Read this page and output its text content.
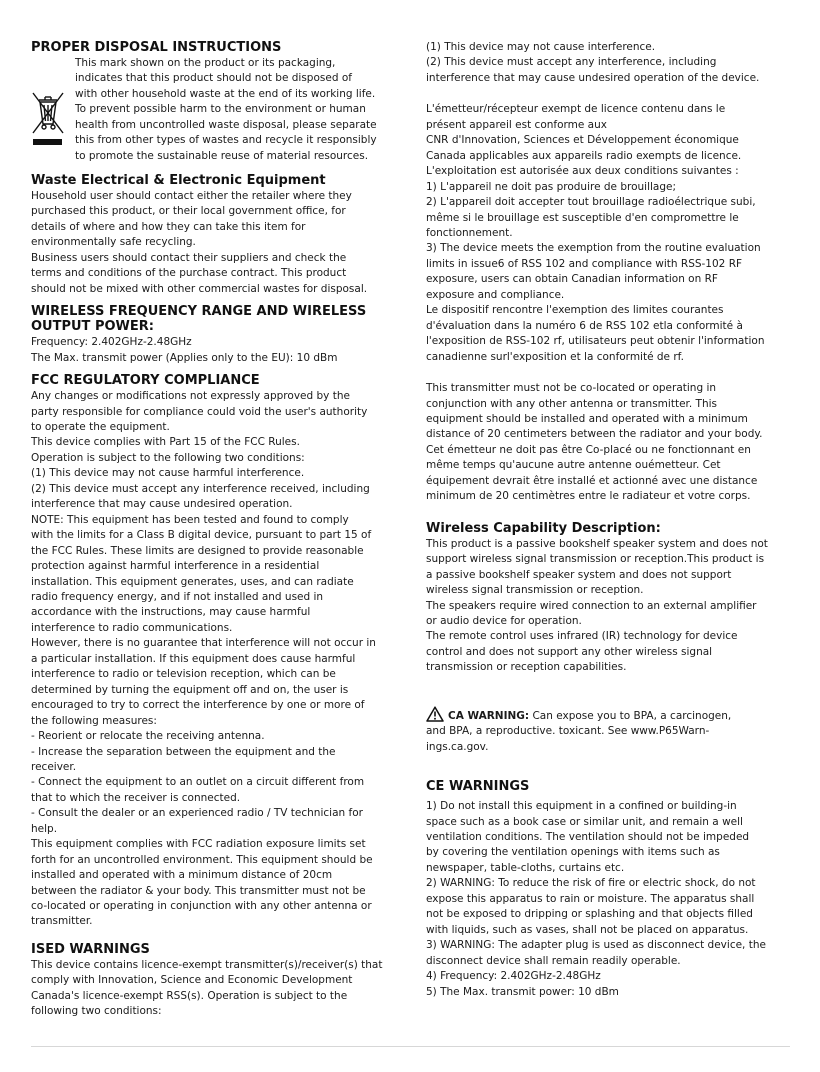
PROPER DISPOSAL INSTRUCTIONS

This mark shown on the product or its packaging,

indicates that this product should not be disposed of

with other household waste at the end of its working life.

To prevent possible harm to the environment or human

health from uncontrolled waste disposal, please separate

this from other types of wastes and recycle it responsibly

to promote the sustainable reuse of material resources.

Waste Electrical & Electronic Equipment

Household user should contact either the retailer where they

purchased this product, or their local government office, for

details of where and how they can take this item for

environmentally safe recycling.

Business users should contact their suppliers and check the

terms and conditions of the purchase contract. This product

should not be mixed with other commercial wastes for disposal.

WIRELESS FREQUENCY RANGE AND WIRELESS
OUTPUT POWER:

Frequency: 2.402GHz-2.48GHz

The Max. transmit power (Applies only to the EU): 10 dBm

FCC REGULATORY COMPLIANCE

Any changes or modifications not expressly approved by the

party responsible for compliance could void the user's authority

to operate the equipment.

This device complies with Part 15 of the FCC Rules.

Operation is subject to the following two conditions:

(1) This device may not cause harmful interference.

(2) This device must accept any interference received, including

interference that may cause undesired operation.

NOTE: This equipment has been tested and found to comply

with the limits for a Class B digital device, pursuant to part 15 of

the FCC Rules. These limits are designed to provide reasonable

protection against harmful interference in a residential

installation. This equipment generates, uses, and can radiate

radio frequency energy, and if not installed and used in

accordance with the instructions, may cause harmful

interference to radio communications.

However, there is no guarantee that interference will not occur in

a particular installation. If this equipment does cause harmful

interference to radio or television reception, which can be

determined by turning the equipment off and on, the user is

encouraged to try to correct the interference by one or more of

the following measures:

- Reorient or relocate the receiving antenna.

- Increase the separation between the equipment and the

receiver.

- Connect the equipment to an outlet on a circuit different from

that to which the receiver is connected.

- Consult the dealer or an experienced radio / TV technician for

help.

This equipment complies with FCC radiation exposure limits set

forth for an uncontrolled environment. This equipment should be

installed and operated with a minimum distance of 20cm

between the radiator & your body. This transmitter must not be

co-located or operating in conjunction with any other antenna or

transmitter.

ISED WARNINGS

This device contains licence-exempt transmitter(s)/receiver(s) that

comply with Innovation, Science and Economic Development

Canada's licence-exempt RSS(s). Operation is subject to the

following two conditions:

(1) This device may not cause interference.

(2) This device must accept any interference, including

interference that may cause undesired operation of the device.

L'émetteur/récepteur exempt de licence contenu dans le

présent appareil est conforme aux

CNR d'Innovation, Sciences et Développement économique

Canada applicables aux appareils radio exempts de licence.

L'exploitation est autorisée aux deux conditions suivantes :

1) L'appareil ne doit pas produire de brouillage;

2) L'appareil doit accepter tout brouillage radioélectrique subi,

même si le brouillage est susceptible d'en compromettre le

fonctionnement.

3) The device meets the exemption from the routine evaluation

limits in issue6 of RSS 102 and compliance with RSS-102 RF

exposure, users can obtain Canadian information on RF

exposure and compliance.

Le dispositif rencontre l'exemption des limites courantes

d'évaluation dans la numéro 6 de RSS 102 etla conformité à

l'exposition de RSS-102 rf, utilisateurs peut obtenir l'information

canadienne surl'exposition et la conformité de rf.

This transmitter must not be co-located or operating in

conjunction with any other antenna or transmitter. This

equipment should be installed and operated with a minimum

distance of 20 centimeters between the radiator and your body.

Cet émetteur ne doit pas être Co-placé ou ne fonctionnant en

même temps qu'aucune autre antenne ouémetteur. Cet

équipement devrait être installé et actionné avec une distance

minimum de 20 centimètres entre le radiateur et votre corps.

Wireless Capability Description:

This product is a passive bookshelf speaker system and does not

support wireless signal transmission or reception.This product is

a passive bookshelf speaker system and does not support

wireless signal transmission or reception.

The speakers require wired connection to an external amplifier

or audio device for operation.

The remote control uses infrared (IR) technology for device

control and does not support any other wireless signal

transmission or reception capabilities.

CA WARNING: Can expose you to BPA, a carcinogen,

and BPA, a reproductive. toxicant. See www.P65Warn-

ings.ca.gov.

CE WARNINGS

1) Do not install this equipment in a confined or building-in

space such as a book case or similar unit, and remain a well

ventilation conditions. The ventilation should not be impeded

by covering the ventilation openings with items such as

newspaper, table-cloths, curtains etc.

2) WARNING: To reduce the risk of fire or electric shock, do not

expose this apparatus to rain or moisture. The apparatus shall

not be exposed to dripping or splashing and that objects filled

with liquids, such as vases, shall not be placed on apparatus.

3) WARNING: The adapter plug is used as disconnect device, the

disconnect device shall remain readily operable.

4) Frequency: 2.402GHz-2.48GHz

5) The Max. transmit power: 10 dBm
